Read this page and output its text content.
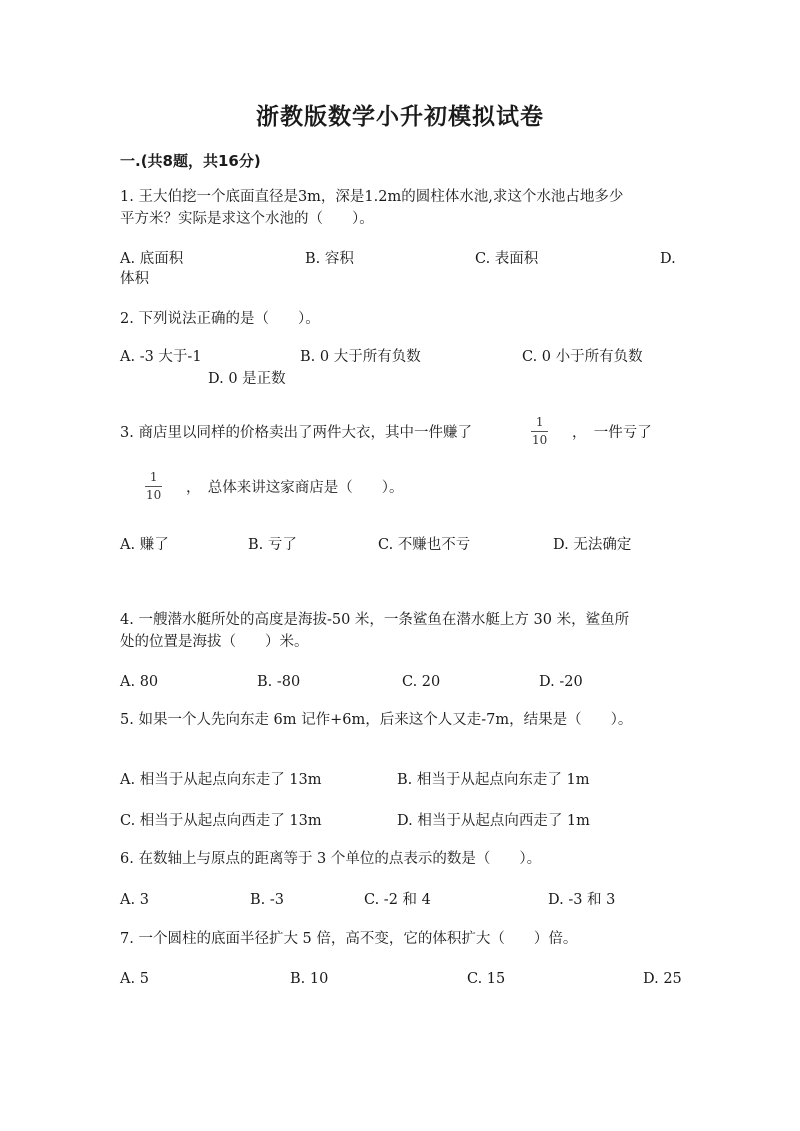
浙教版数学小升初模拟试卷
一.(共8题，共16分)
1. 王大伯挖一个底面直径是3m，深是1.2m的圆柱体水池,求这个水池占地多少
平方米？实际是求这个水池的（　　）。
A. 底面积	B. 容积	C. 表面积	D.
体积
2. 下列说法正确的是（　　）。
A. -3 大于-1	B. 0 大于所有负数	C. 0 小于所有负数
D. 0 是正数
3. 商店里以同样的价格卖出了两件大衣，其中一件赚了
1
10 ，　一件亏了
1
10 ，　总体来讲这家商店是（　　）。
A. 赚了	B. 亏了	C. 不赚也不亏	D. 无法确定
4. 一艘潜水艇所处的高度是海拔-50 米，一条鲨鱼在潜水艇上方 30 米，鲨鱼所
处的位置是海拔（　　）米。
A. 80	B. -80	C. 20	D. -20
5. 如果一个人先向东走 6m 记作+6m，后来这个人又走-7m，结果是（　　）。
A. 相当于从起点向东走了 13m	B. 相当于从起点向东走了 1m
C. 相当于从起点向西走了 13m	D. 相当于从起点向西走了 1m
6. 在数轴上与原点的距离等于 3 个单位的点表示的数是（　　）。
A. 3	B. -3	C. -2 和 4	D. -3 和 3
7. 一个圆柱的底面半径扩大 5 倍，高不变，它的体积扩大（　　）倍。
A. 5	B. 10	C. 15	D. 25
